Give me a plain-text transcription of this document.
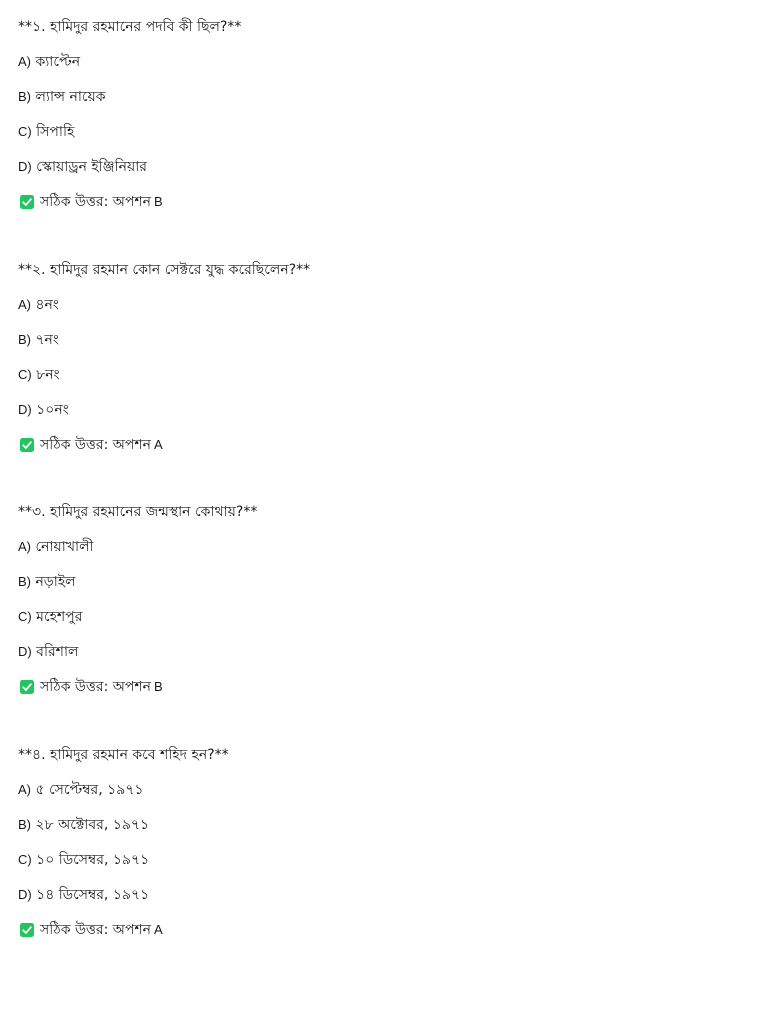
**১. হামিদুর রহমানের পদবি কী ছিল?**
A) ক্যাপ্টেন
B) ল্যান্স নায়েক
C) সিপাহি
D) স্কোয়াড্রন ইঞ্জিনিয়ার
সঠিক উত্তর: অপশন B
**২. হামিদুর রহমান কোন সেক্টরে যুদ্ধ করেছিলেন?**
A) ৪নং
B) ৭নং
C) ৮নং
D) ১০নং
সঠিক উত্তর: অপশন A
**৩. হামিদুর রহমানের জন্মস্থান কোথায়?**
A) নোয়াখালী
B) নড়াইল
C) মহেশপুর
D) বরিশাল
সঠিক উত্তর: অপশন B
**৪. হামিদুর রহমান কবে শহিদ হন?**
A) ৫ সেপ্টেম্বর, ১৯৭১
B) ২৮ অক্টোবর, ১৯৭১
C) ১০ ডিসেম্বর, ১৯৭১
D) ১৪ ডিসেম্বর, ১৯৭১
সঠিক উত্তর: অপশন A
